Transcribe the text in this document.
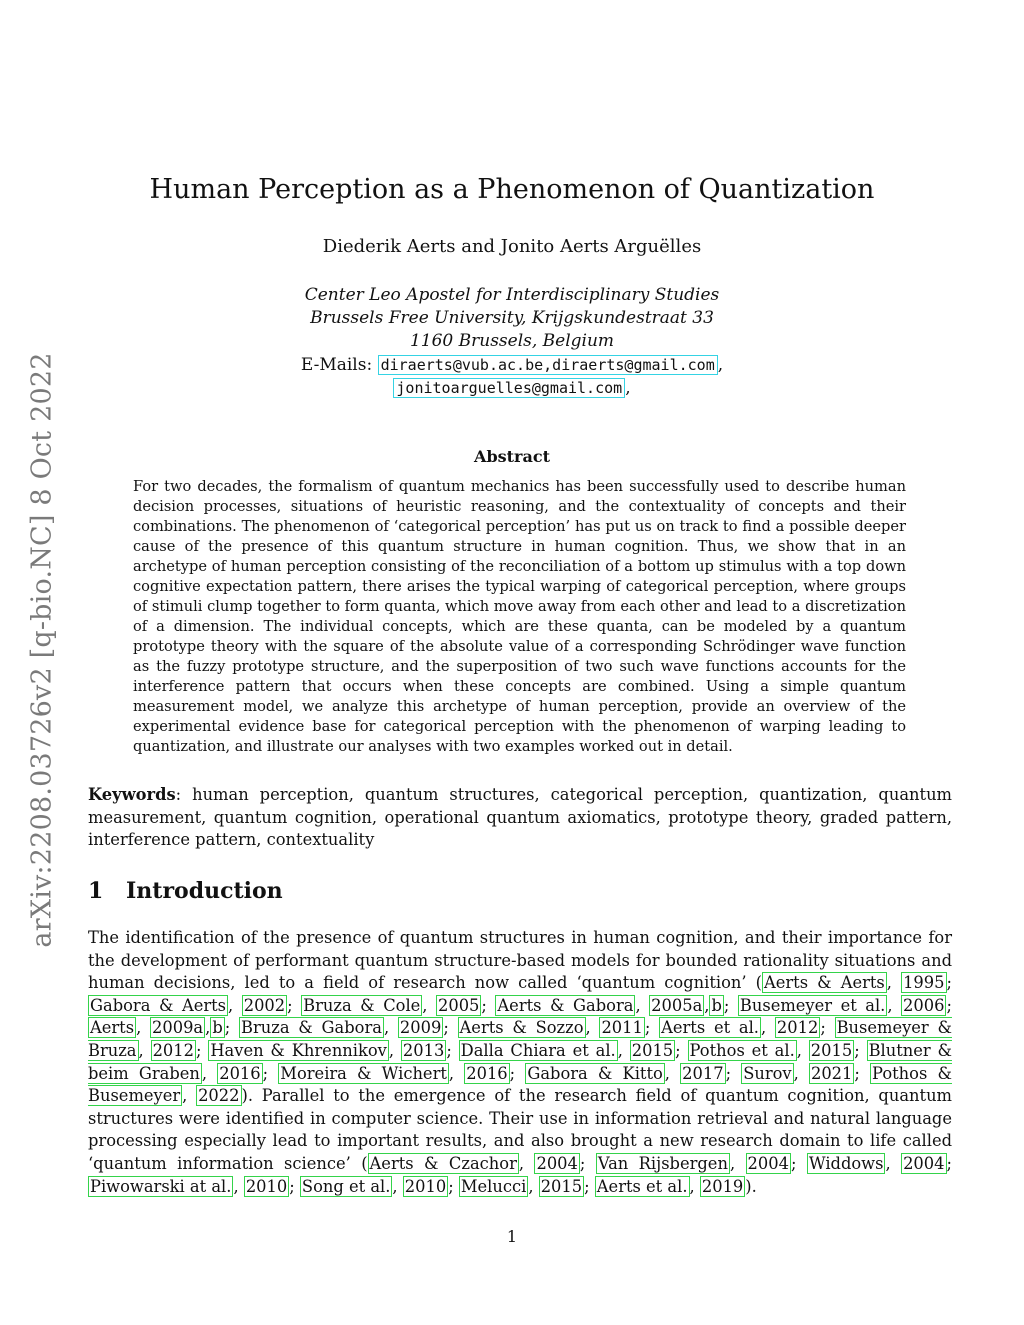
arXiv:2208.03726v2 [q-bio.NC] 8 Oct 2022
Human Perception as a Phenomenon of Quantization
Diederik Aerts and Jonito Aerts Arguëlles
Center Leo Apostel for Interdisciplinary Studies
Brussels Free University, Krijgskundestraat 33
1160 Brussels, Belgium
E-Mails: diraerts@vub.ac.be,diraerts@gmail.com ,
jonitoarguelles@gmail.com ,
Abstract

For two decades, the formalism of quantum mechanics has been successfully used to describe human decision processes, situations of heuristic reasoning, and the contextuality of concepts and their combinations. The phenomenon of ‘categorical perception’ has put us on track to find a possible deeper cause of the presence of this quantum structure in human cognition. Thus, we show that in an archetype of human perception consisting of the reconciliation of a bottom up stimulus with a top down cognitive expectation pattern, there arises the typical warping of categorical perception, where groups of stimuli clump together to form quanta, which move away from each other and lead to a discretization of a dimension. The individual concepts, which are these quanta, can be modeled by a quantum prototype theory with the square of the absolute value of a corresponding Schrödinger wave function as the fuzzy prototype structure, and the superposition of two such wave functions accounts for the interference pattern that occurs when these concepts are combined. Using a simple quantum measurement model, we analyze this archetype of human perception, provide an overview of the experimental evidence base for categorical perception with the phenomenon of warping leading to quantization, and illustrate our analyses with two examples worked out in detail.

Keywords: human perception, quantum structures, categorical perception, quantization, quantum measurement, quantum cognition, operational quantum axiomatics, prototype theory, graded pattern, interference pattern, contextuality

1 Introduction

The identification of the presence of quantum structures in human cognition, and their importance for the development of performant quantum structure-based models for bounded rationality situations and human decisions, led to a field of research now called ‘quantum cognition’ ( Aerts & Aerts , 1995 ; Gabora & Aerts , 2002 ; Bruza & Cole , 2005 ; Aerts & Gabora , 2005a , b ; Busemeyer et al. , 2006 ; Aerts , 2009a , b ; Bruza & Gabora , 2009 ; Aerts & Sozzo , 2011 ; Aerts et al. , 2012 ; Busemeyer & Bruza , 2012 ; Haven & Khrennikov , 2013 ; Dalla Chiara et al. , 2015 ; Pothos et al. , 2015 ; Blutner & beim Graben , 2016 ; Moreira & Wichert , 2016 ; Gabora & Kitto , 2017 ; Surov , 2021 ; Pothos & Busemeyer , 2022 ). Parallel to the emergence of the research field of quantum cognition, quantum structures were identified in computer science. Their use in information retrieval and natural language processing especially lead to important results, and also brought a new research domain to life called ‘quantum information science’ ( Aerts & Czachor , 2004 ; Van Rijsbergen , 2004 ; Widdows , 2004 ; Piwowarski at al. , 2010 ; Song et al. , 2010 ; Melucci , 2015 ; Aerts et al. , 2019 ).

1
